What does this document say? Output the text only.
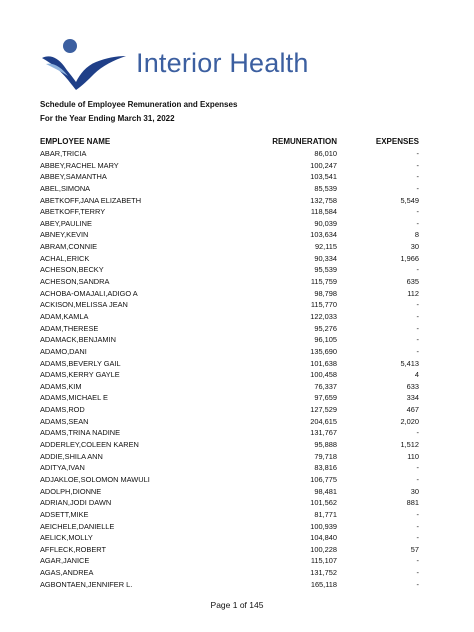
Interior Health
Schedule of Employee Remuneration and Expenses
For the Year Ending March 31, 2022
EMPLOYEE NAME	REMUNERATION	EXPENSES
ABAR,TRICIA	86,010	-
ABBEY,RACHEL MARY	100,247	-
ABBEY,SAMANTHA	103,541	-
ABEL,SIMONA	85,539	-
ABETKOFF,JANA ELIZABETH	132,758	5,549
ABETKOFF,TERRY	118,584	-
ABEY,PAULINE	90,039	-
ABNEY,KEVIN	103,634	8
ABRAM,CONNIE	92,115	30
ACHAL,ERICK	90,334	1,966
ACHESON,BECKY	95,539	-
ACHESON,SANDRA	115,759	635
ACHOBA-OMAJALI,ADIGO A	98,798	112
ACKISON,MELISSA JEAN	115,770	-
ADAM,KAMLA	122,033	-
ADAM,THERESE	95,276	-
ADAMACK,BENJAMIN	96,105	-
ADAMO,DANI	135,690	-
ADAMS,BEVERLY GAIL	101,638	5,413
ADAMS,KERRY GAYLE	100,458	4
ADAMS,KIM	76,337	633
ADAMS,MICHAEL E	97,659	334
ADAMS,ROD	127,529	467
ADAMS,SEAN	204,615	2,020
ADAMS,TRINA NADINE	131,767	-
ADDERLEY,COLEEN KAREN	95,888	1,512
ADDIE,SHILA ANN	79,718	110
ADITYA,IVAN	83,816	-
ADJAKLOE,SOLOMON MAWULI	106,775	-
ADOLPH,DIONNE	98,481	30
ADRIAN,JODI DAWN	101,562	881
ADSETT,MIKE	81,771	-
AEICHELE,DANIELLE	100,939	-
AELICK,MOLLY	104,840	-
AFFLECK,ROBERT	100,228	57
AGAR,JANICE	115,107	-
AGAS,ANDREA	131,752	-
AGBONTAEN,JENNIFER L.	165,118	-
Page 1 of 145
